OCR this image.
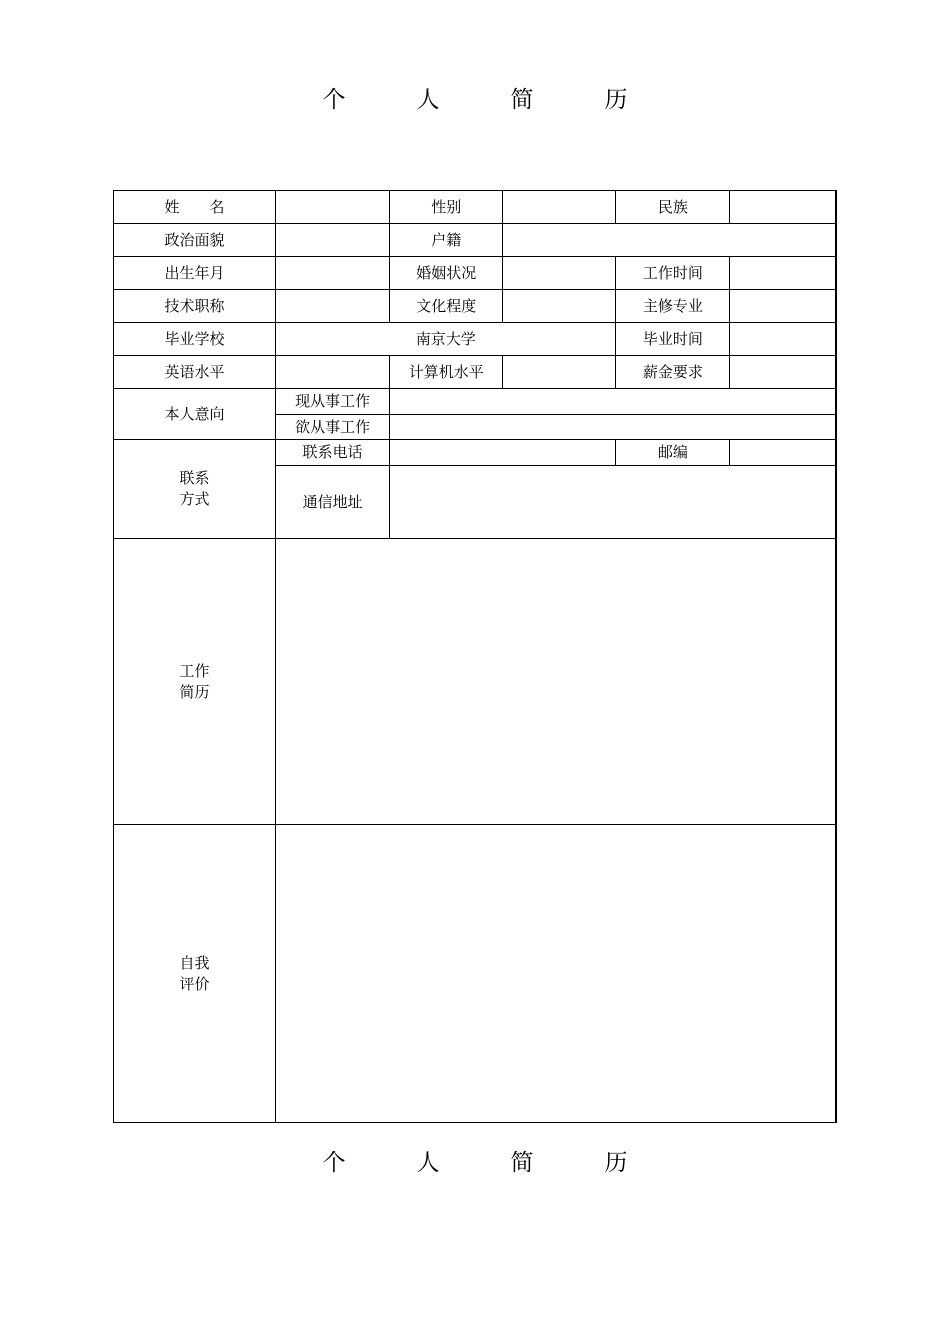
个　人　简　历
姓　　名		性别		民族	
政治面貌		户籍			
出生年月		婚姻状况		工作时间	
技术职称		文化程度		主修专业	
毕业学校	南京大学			毕业时间	
英语水平		计算机水平		薪金要求	
本人意向	现从事工作				
	欲从事工作				

联系
方式	联系电话			邮编	
	通信地址				

工作
简历					

自我
评价					

个　人　简　历
